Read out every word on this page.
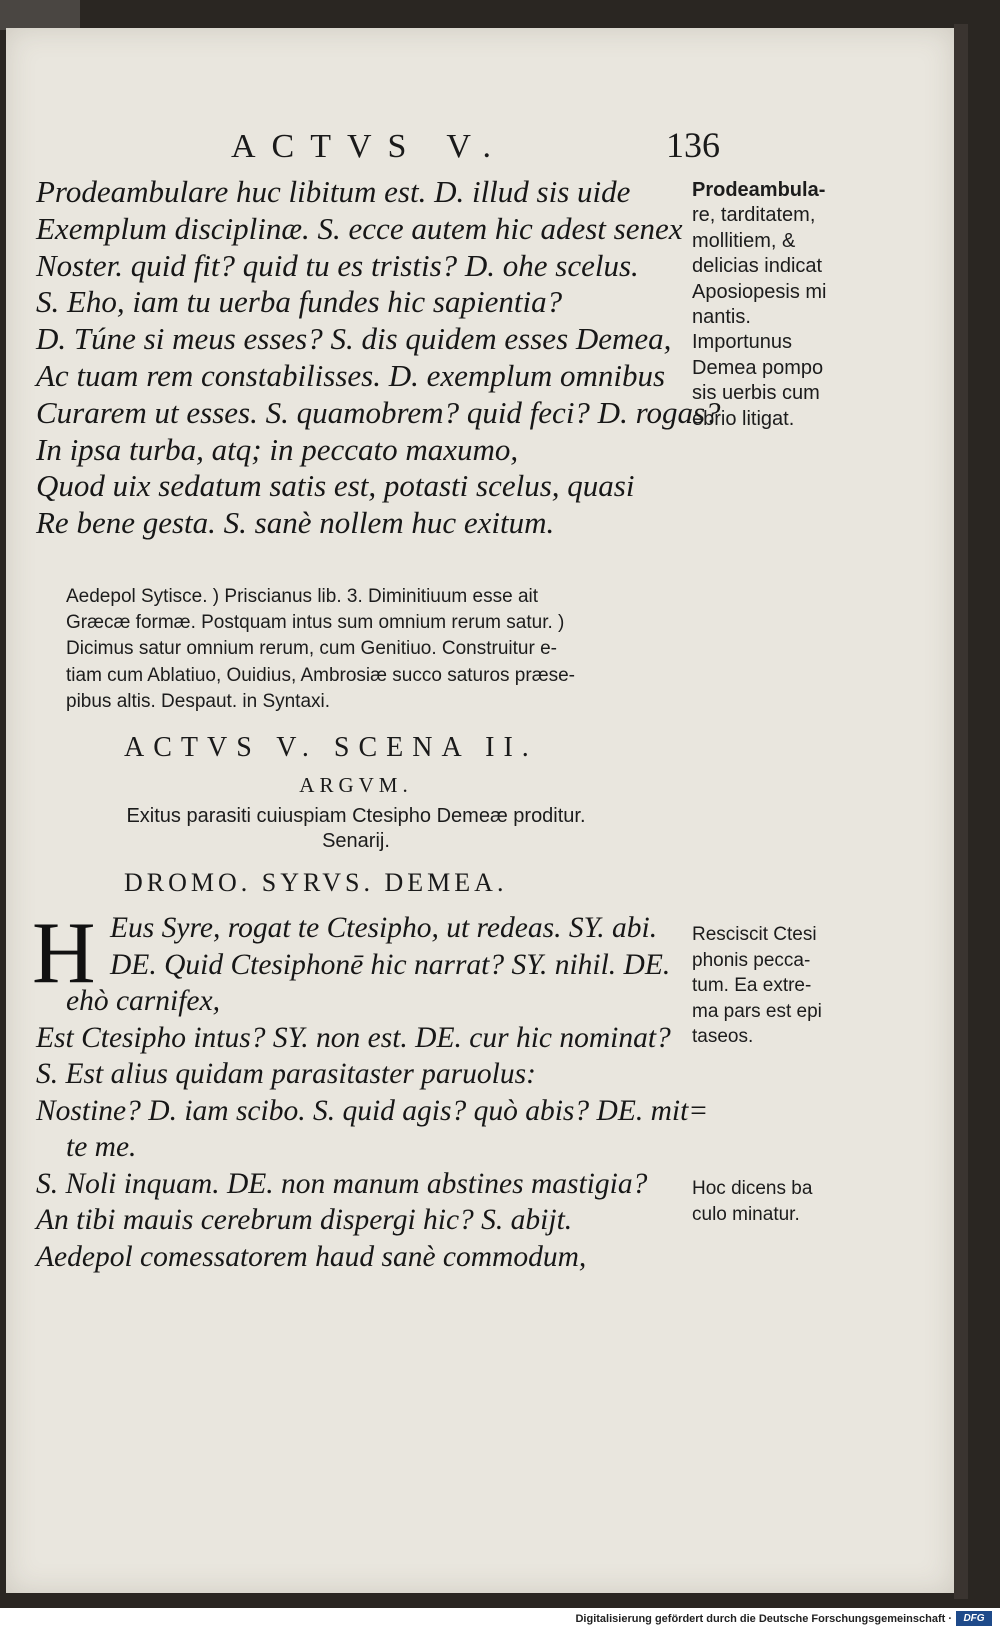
ACTVS V.	136
Prodeambulare huc libitum est. D. illud sis uide
Exemplum disciplinæ. S. ecce autem hic adest senex
Noster. quid fit? quid tu es tristis? D. ohe scelus.
S. Eho, iam tu uerba fundes hic sapientia?
D. Túne si meus esses? S. dis quidem esses Demea,
Ac tuam rem constabilisses. D. exemplum omnibus
Curarem ut esses. S. quamobrem? quid feci? D. rogas?
In ipsa turba, atq; in peccato maxumo,
Quod uix sedatum satis est, potasti scelus, quasi
Re bene gesta. S. sanè nollem huc exitum.
Prodeambula-
re, tarditatem,
mollitiem, &
delicias indicat
Aposiopesis mi
nantis.
Importunus
Demea pompo
sis uerbis cum
ebrio litigat.

Aedepol Sytisce. ) Priscianus lib. 3. Diminitiuum esse ait
Græcæ formæ. Postquam intus sum omnium rerum satur. )
Dicimus satur omnium rerum, cum Genitiuo. Construitur e-
tiam cum Ablatiuo, Ouidius, Ambrosiæ succo saturos præse-
pibus altis. Despaut. in Syntaxi.

ACTVS V. SCENA II.
ARGVM.
Exitus parasiti cuiuspiam Ctesipho Demeæ proditur.
Senarij.
DROMO. SYRVS. DEMEA.
H Eus Syre, rogat te Ctesipho, ut redeas. SY. abi.
DE. Quid Ctesiphonē hic narrat? SY. nihil. DE.
ehò carnifex,
Est Ctesipho intus? SY. non est. DE. cur hic nominat?
S. Est alius quidam parasitaster paruolus:
Nostine? D. iam scibo. S. quid agis? quò abis? DE. mit=
te me.
S. Noli inquam. DE. non manum abstines mastigia?
An tibi mauis cerebrum dispergi hic? S. abijt.
Aedepol comessatorem haud sanè commodum,
Resciscit Ctesi
phonis pecca-
tum. Ea extre-
ma pars est epi
taseos.
Hoc dicens ba
culo minatur.
Digitalisierung gefördert durch die Deutsche Forschungsgemeinschaft ·	DFG
